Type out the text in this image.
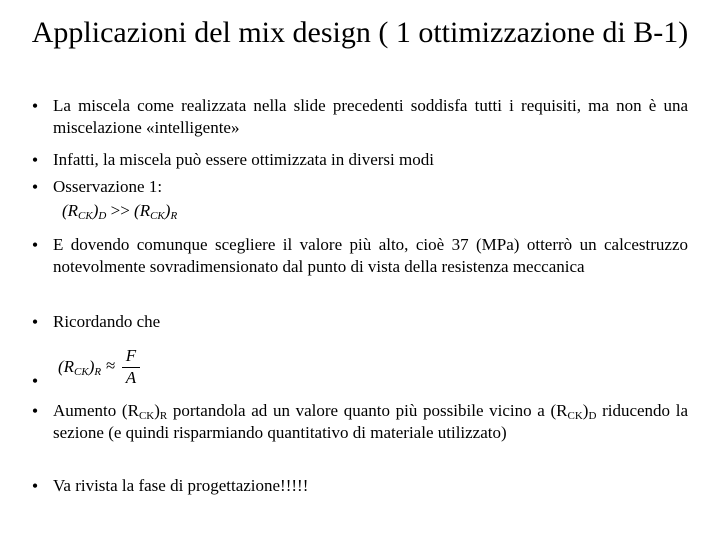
Applicazioni del mix design ( 1 ottimizzazione di B-1)
• La miscela come realizzata nella slide precedenti soddisfa tutti i requisiti, ma non è una miscelazione «intelligente»
• Infatti, la miscela può essere ottimizzata in diversi modi
• Osservazione 1:
$(R_{CK})_D >> (R_{CK})_R$
• E dovendo comunque scegliere il valore più alto, cioè 37 (MPa) otterrò un calcestruzzo notevolmente sovradimensionato dal punto di vista della resistenza meccanica
• Ricordando che
$(R_{CK})_R$ ≈
F
A
•
• Aumento $(R_{CK})_R$ portandola ad un valore quanto più possibile vicino a $(R_{CK})_D$ riducendo la sezione (e quindi risparmiando quantitativo di materiale utilizzato)
• Va rivista la fase di progettazione!!!!!
